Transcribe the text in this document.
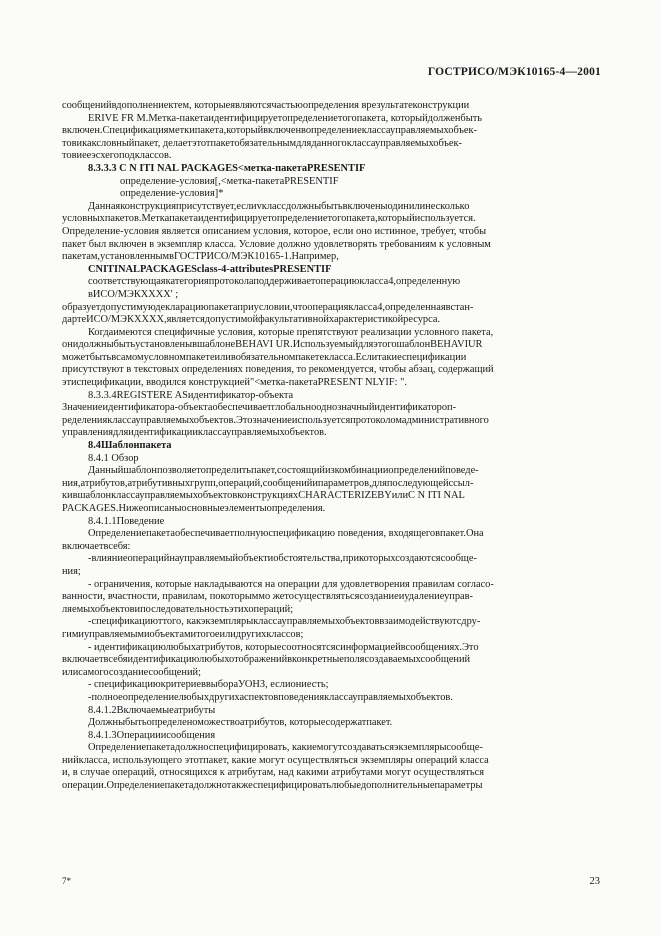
ГОСТРИСО/МЭК10165-4—2001

сообщенийвдополнениектем, которыеявляютсячастьюопределения врезультатеконструкции

ERIVE FR M.Метка-пакетаидентифицируетопределениетогопакета, которыйдолженбыть

включен.Спецификацияметкипакета,которыйвключенвопределениеклассауправляемыхобъек-

товикаксловныйпакет, делаетэтотпакетобязательнымдляданногоклассауправляемыхобъек-

товиееэсхегоподклассов.

8.3.3.3 C N ITI NAL PACKAGES<метка-пакетаPRESENTIF

определение-условия[,<метка-пакетаPRESENTIF

определение-условия]*

Даннаяконструкцияприсутствует,еслиvклассдолжныбытьвключеныодинилинесколько

условныхпакетов.Меткапакетаидентифицируетопределениетогопакета,которыйиспользуется.

Определение-условия является описанием условия, которое, если оно истинное, требует, чтобы

пакет был включен в экземпляр класса. Условие должно удовлетворять требованиям к условным

пакетам,установленнымвГОСТРИСО/МЭК10165-1.Например,

CNITINALPACKAGESclass-4-attributesPRESENTIF

соответствующаякатегорияпротоколаподдерживаетоперациюкласса4,определенную

вИСО/МЭКXXXX' ;

образуетдопустимуюдекларациюпакетаприусловии,чтооперациякласса4,определеннаявстан-

дартеИСО/МЭКXXXX,являетсядопустимойфакультативнойхарактеристикойресурса.

Когдаимеются специфичные условия, которые препятствуют реализации условного пакета,

онидолжныбытьустановленывшаблонеBEHAVI UR.ИспользуемыйдляэтогошаблонBEHAVIUR

можетбытьвсамомусловномпакетеиливобязательномпакетекласса.Еслитакиеспецификации

присутствуют в текстовых определениях поведения, то рекомендуется, чтобы абзац, содержащий

этиспецификации, вводился конструкцией"<метка-пакетаPRESENT NLYIF: ".

8.3.3.4REGISTERE ASидентификатор-объекта

Значениеидентификатора-объектаобеспечиваетглобальнооднозначныйидентификатороп-

ределенияклассауправляемыхобъектов.Этозначениеиспользуетсяпротоколомадминистративного

управлениядляидентификацииклассауправляемыхобъектов.

8.4Шаблонпакета

8.4.1 Обзор

Данныйшаблонпозволяетопределитьпакет,состоящийизкомбинацииопределенийповеде-

ния,атрибутов,атрибутивныхгрупп,операций,сообщенийипараметров,дляпоследующейссыл-

кившаблонклассауправляемыхобъектовконструкцияхCHARACTERIZEBYилиC N ITI NAL

PACKAGES.Нижеописаныосновныеэлементыопределения.

8.4.1.1Поведение

Определениепакетаобеспечиваетполнуюспецификацию поведения, входящеговпакет.Она

включаетвсебя:

-влияниеоперацийнауправляемыйобъектиобстоятельства,прикоторыхсоздаютсясообще-

ния;

- ограничения, которые накладываются на операции для удовлетворения правилам согласо-

ванности, вчастности, правилам, покоторыммо жетосуществлятьсясозданиеиудалениеуправ-

ляемыхобъектовипоследовательностьэтихопераций;

-спецификациюттого, какэкземплярыклассауправляемыхобъектоввзаимодействуютсдру-

гимиуправляемымиобъектамитогоeилидругихклассов;

- идентификациюлюбыхатрибутов, которыесоотносятсясинформациейвсообщениях.Это

включаетвсебяидентификациюлюбыхотображенийвконкретныеполясоздаваемыхсообщений

илисамогосозданиесообщений;

- спецификациюкритериеввыбораУОНЗ, еслиониесть;

-полноеопределениелюбыхдругихаспектовповеденияклассауправляемыхобъектов.

8.4.1.2Включаемыеатрибуты

Должныбытьопределеноможествоатрибутов, которыесодержатпакет.

8.4.1.3Операциииcообщения

Определениепакетадолжноспецифицировать, какиемогутсоздаватьсяэкземплярысообще-

нийкласса, использующего этотпакет, какие могут осуществляться экземпляры операций класса

и, в случае операций, относящихся к атрибутам, над какими атрибутами могут осуществляться

операции.Определениепакетадолжнотакжеспецифицироватьлюбыедополнительныепараметры

7*	23
